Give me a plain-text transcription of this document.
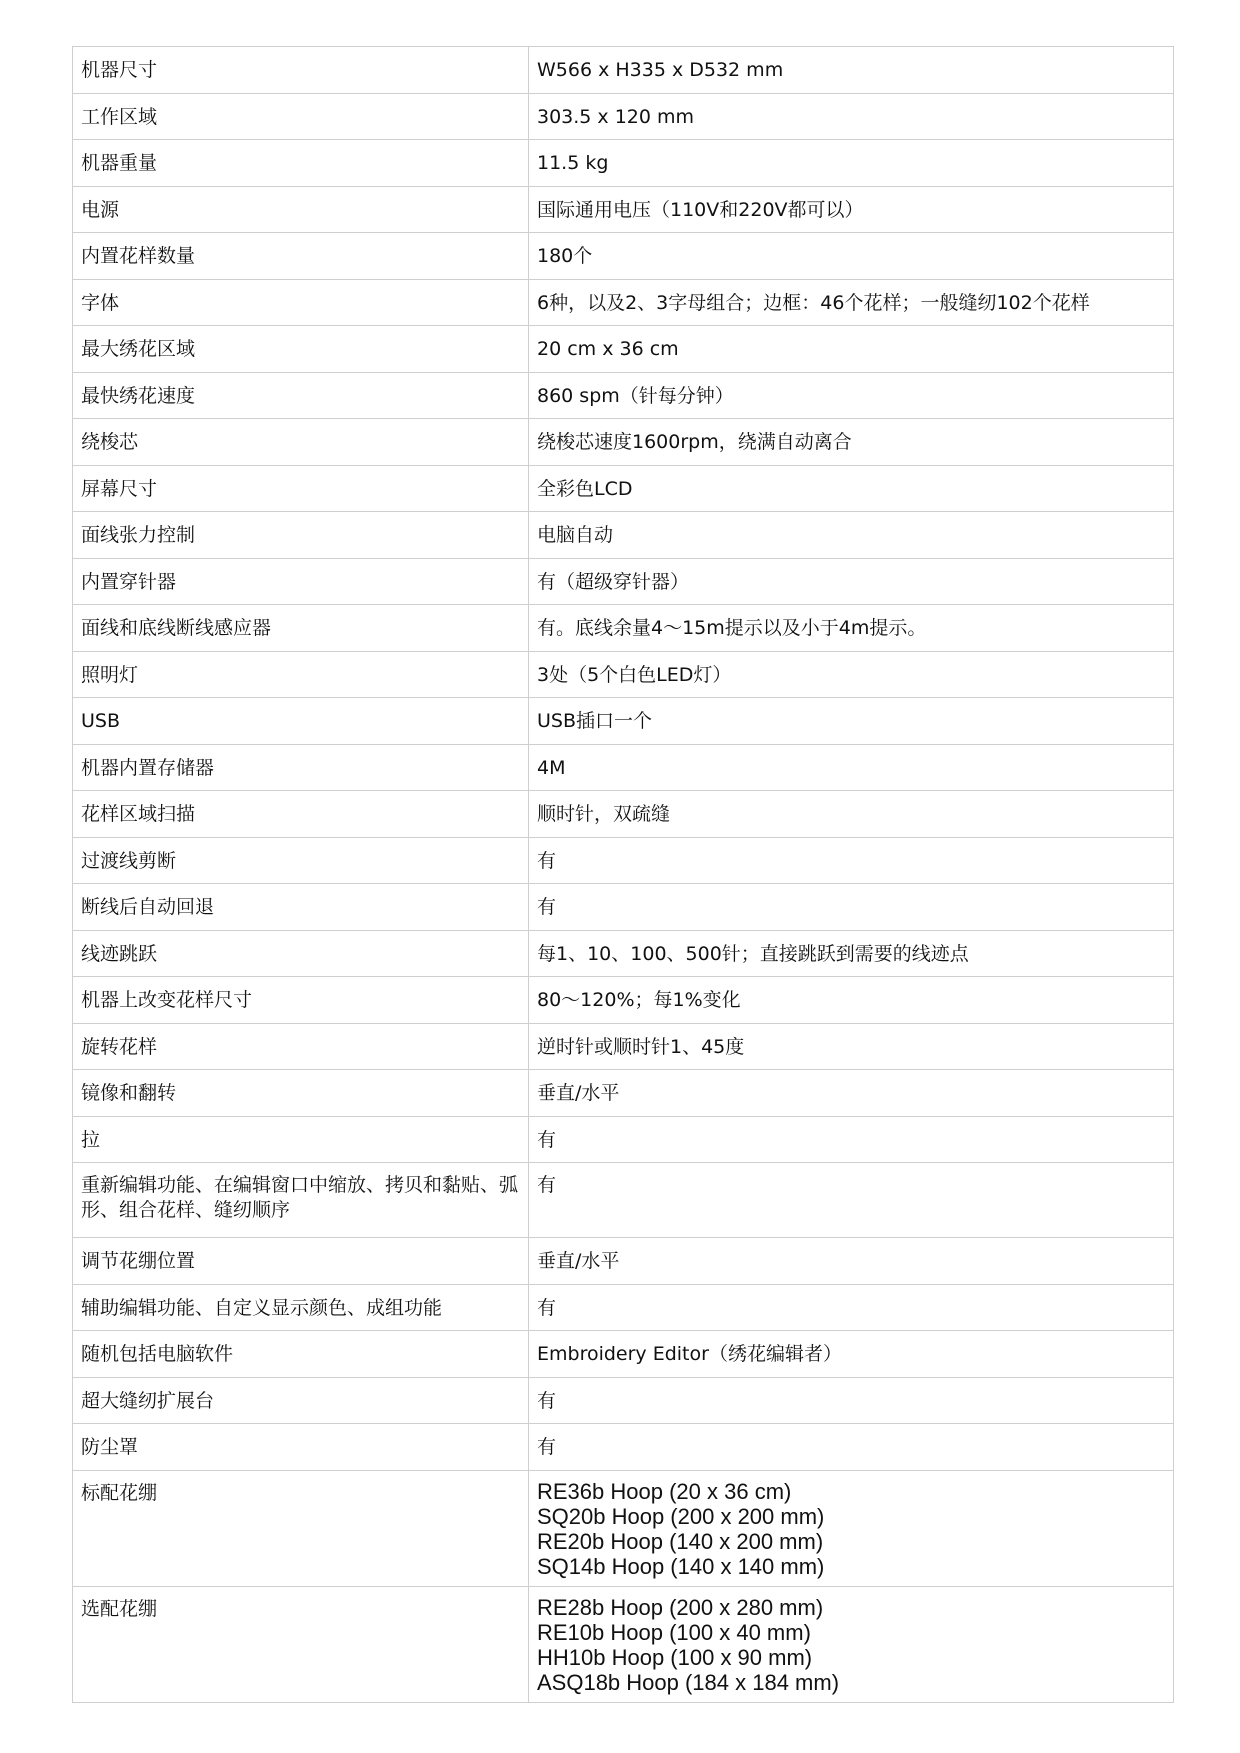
机器尺寸	W566 x H335 x D532 mm

工作区域	303.5 x 120 mm

机器重量	11.5 kg

电源	国际通用电压（110V和220V都可以）

内置花样数量	180个

字体	6种，以及2、3字母组合；边框：46个花样；一般缝纫102个花样

最大绣花区域	20 cm x 36 cm

最快绣花速度	860 spm（针每分钟）

绕梭芯	绕梭芯速度1600rpm，绕满自动离合

屏幕尺寸	全彩色LCD

面线张力控制	电脑自动

内置穿针器	有（超级穿针器）

面线和底线断线感应器	有。底线余量4～15m提示以及小于4m提示。

照明灯	3处（5个白色LED灯）

USB	USB插口一个

机器内置存储器	4M

花样区域扫描	顺时针，双疏缝

过渡线剪断	有

断线后自动回退	有

线迹跳跃	每1、10、100、500针；直接跳跃到需要的线迹点

机器上改变花样尺寸	80～120%；每1%变化

旋转花样	逆时针或顺时针1、45度

镜像和翻转	垂直/水平

拉	有

重新编辑功能、在编辑窗口中缩放、拷贝和黏贴、弧形、组合花样、缝纫顺序	有

调节花绷位置	垂直/水平

辅助编辑功能、自定义显示颜色、成组功能	有

随机包括电脑软件	Embroidery Editor（绣花编辑者）

超大缝纫扩展台	有

防尘罩	有

标配花绷	RE36b Hoop (20 x 36 cm)
SQ20b Hoop (200 x 200 mm)
RE20b Hoop (140 x 200 mm)
SQ14b Hoop (140 x 140 mm)

选配花绷	RE28b Hoop (200 x 280 mm)
RE10b Hoop (100 x 40 mm)
HH10b Hoop (100 x 90 mm)
ASQ18b Hoop (184 x 184 mm)
